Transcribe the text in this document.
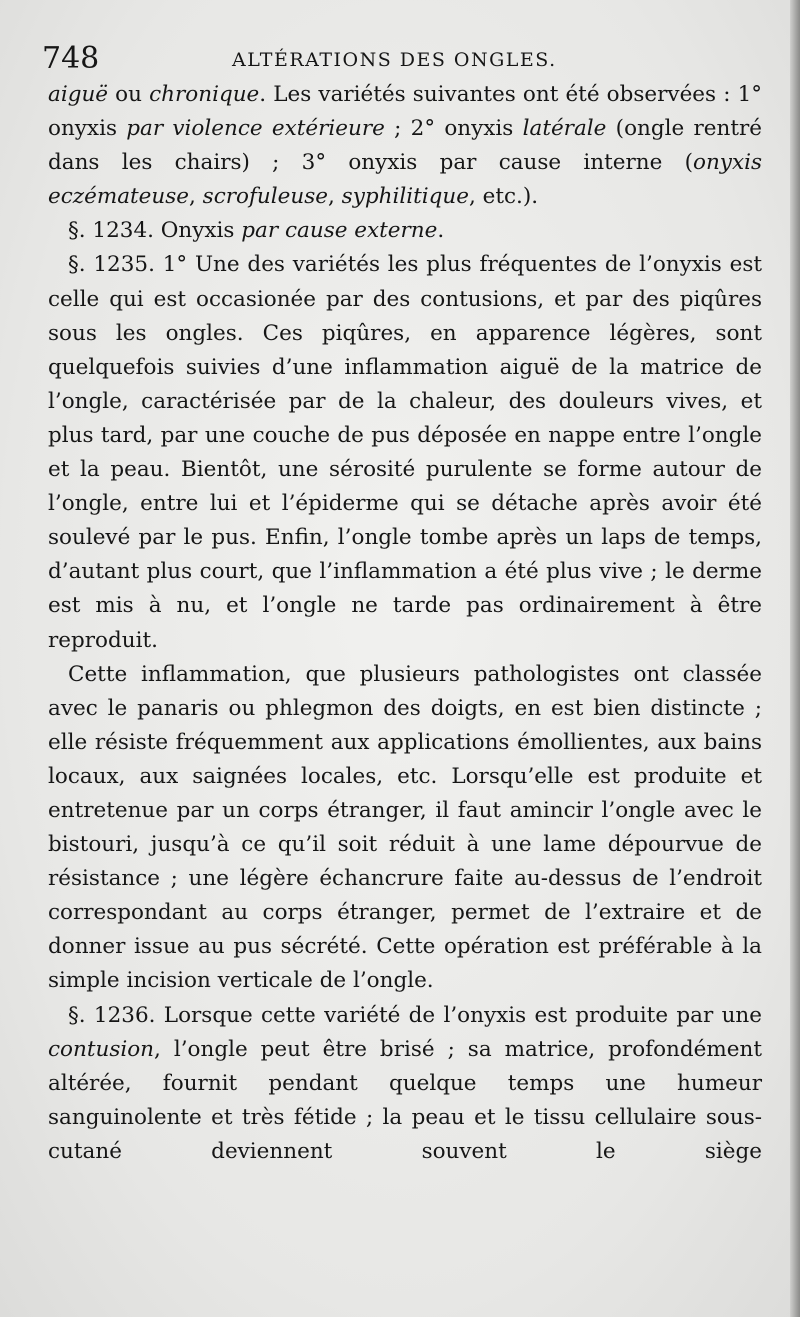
748	ALTÉRATIONS DES ONGLES.

aiguë ou chronique. Les variétés suivantes ont été observées : 1° onyxis par violence extérieure ; 2° onyxis latérale (ongle rentré dans les chairs) ; 3° onyxis par cause interne (onyxis eczémateuse, scrofuleuse, syphilitique, etc.).

§. 1234. Onyxis par cause externe.

§. 1235. 1° Une des variétés les plus fréquentes de l’onyxis est celle qui est occasionée par des contusions, et par des piqûres sous les ongles. Ces piqûres, en apparence légères, sont quelquefois suivies d’une inflammation aiguë de la matrice de l’ongle, caractérisée par de la chaleur, des douleurs vives, et plus tard, par une couche de pus déposée en nappe entre l’ongle et la peau. Bientôt, une sérosité purulente se forme autour de l’ongle, entre lui et l’épiderme qui se détache après avoir été soulevé par le pus. Enfin, l’ongle tombe après un laps de temps, d’autant plus court, que l’inflammation a été plus vive ; le derme est mis à nu, et l’ongle ne tarde pas ordinairement à être reproduit.

Cette inflammation, que plusieurs pathologistes ont classée avec le panaris ou phlegmon des doigts, en est bien distincte ; elle résiste fréquemment aux applications émollientes, aux bains locaux, aux saignées locales, etc. Lorsqu’elle est produite et entretenue par un corps étranger, il faut amincir l’ongle avec le bistouri, jusqu’à ce qu’il soit réduit à une lame dépourvue de résistance ; une légère échancrure faite au-dessus de l’endroit correspondant au corps étranger, permet de l’extraire et de donner issue au pus sécrété. Cette opération est préférable à la simple incision verticale de l’ongle.

§. 1236. Lorsque cette variété de l’onyxis est produite par une contusion, l’ongle peut être brisé ; sa matrice, profondément altérée, fournit pendant quelque temps une humeur sanguinolente et très fétide ; la peau et le tissu cellulaire sous-cutané deviennent souvent le siège
